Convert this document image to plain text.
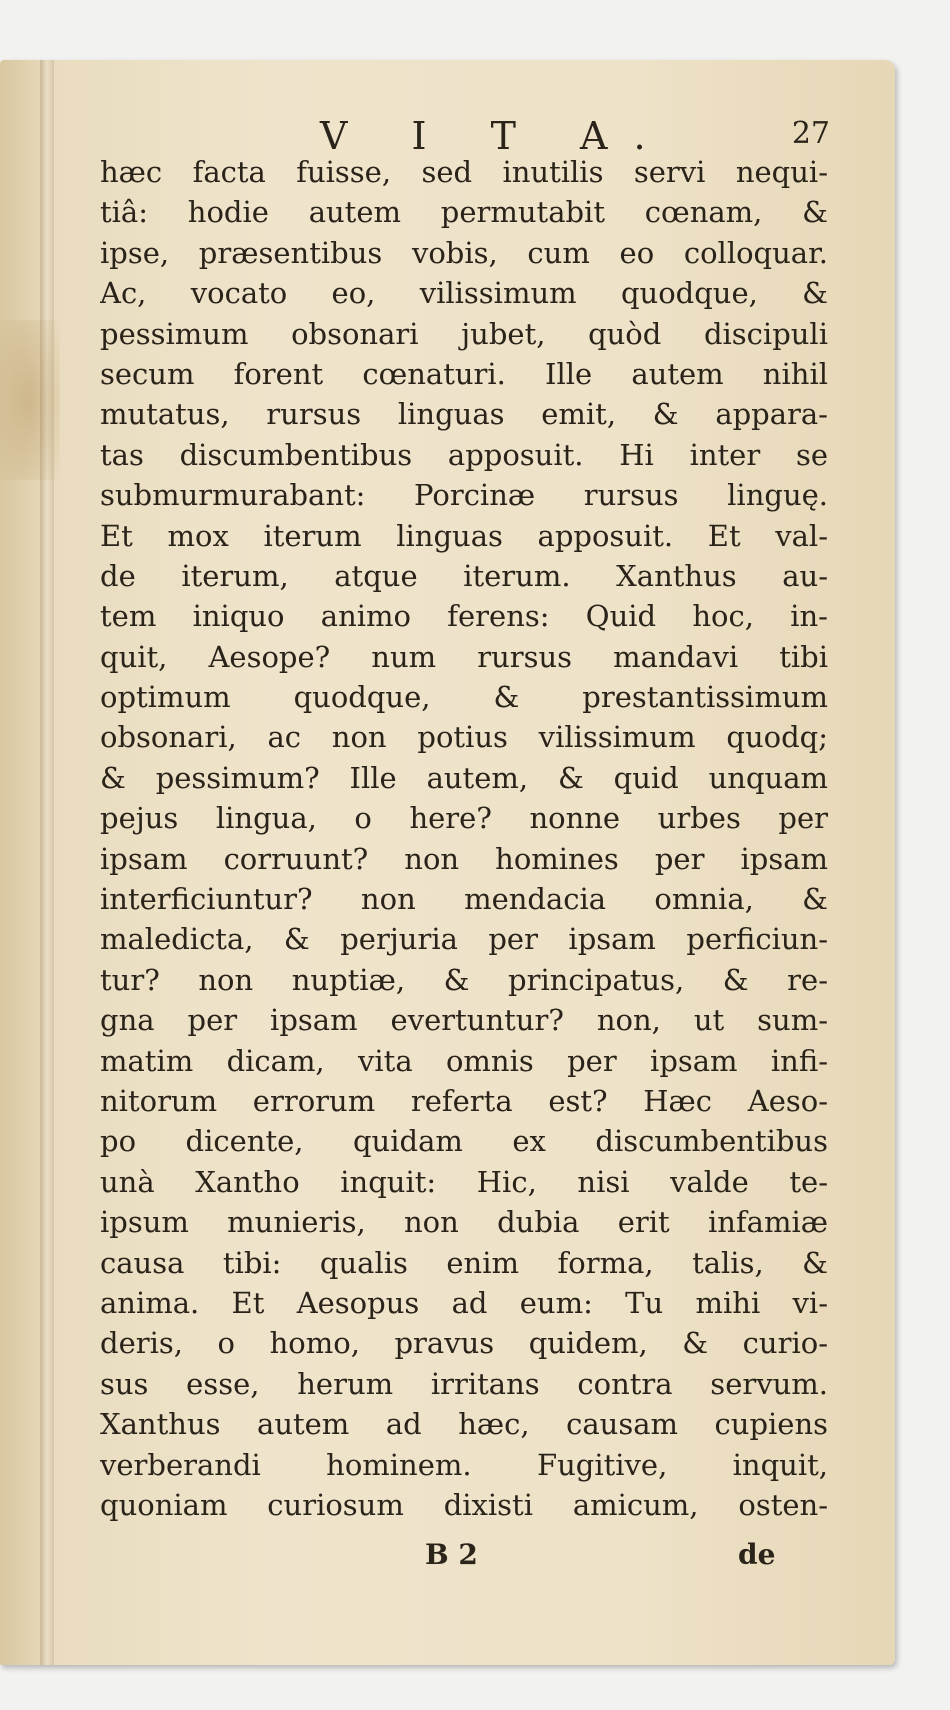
V I T A.	27
hæc facta fuisse, sed inutilis servi nequi-
tiâ: hodie autem permutabit cœnam, &
ipse, præsentibus vobis, cum eo colloquar.
Ac, vocato eo, vilissimum quodque, &
pessimum obsonari jubet, quòd discipuli
secum forent cœnaturi. Ille autem nihil
mutatus, rursus linguas emit, & appara-
tas discumbentibus apposuit. Hi inter se
submurmurabant: Porcinæ rursus linguę.
Et mox iterum linguas apposuit. Et val-
de iterum, atque iterum. Xanthus au-
tem iniquo animo ferens: Quid hoc, in-
quit, Aesope? num rursus mandavi tibi
optimum quodque, & prestantissimum
obsonari, ac non potius vilissimum quodq;
& pessimum? Ille autem, & quid unquam
pejus lingua, o here? nonne urbes per
ipsam corruunt? non homines per ipsam
interficiuntur? non mendacia omnia, &
maledicta, & perjuria per ipsam perficiun-
tur? non nuptiæ, & principatus, & re-
gna per ipsam evertuntur? non, ut sum-
matim dicam, vita omnis per ipsam infi-
nitorum errorum referta est? Hæc Aeso-
po dicente, quidam ex discumbentibus
unà Xantho inquit: Hic, nisi valde te-
ipsum munieris, non dubia erit infamiæ
causa tibi: qualis enim forma, talis, &
anima. Et Aesopus ad eum: Tu mihi vi-
deris, o homo, pravus quidem, & curio-
sus esse, herum irritans contra servum.
Xanthus autem ad hæc, causam cupiens
verberandi hominem. Fugitive, inquit,
quoniam curiosum dixisti amicum, osten-
B 2	de
